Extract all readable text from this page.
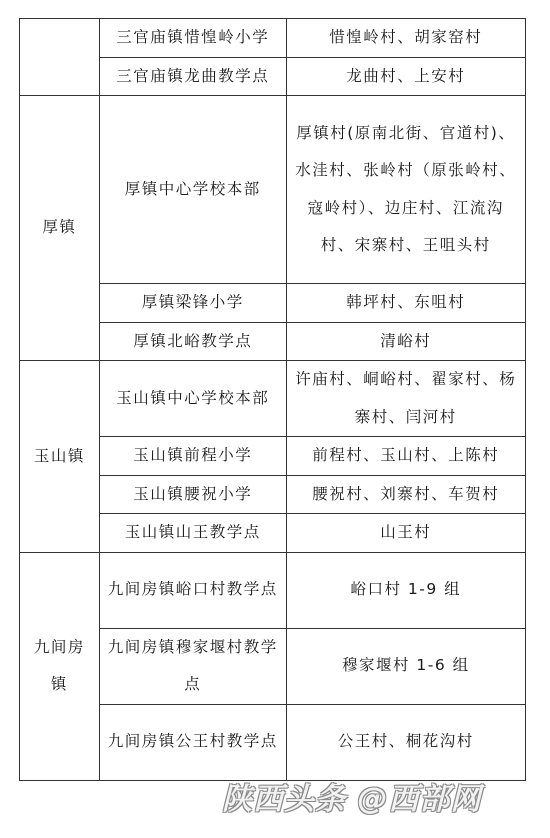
	三官庙镇惜惶岭小学	惜惶岭村、胡家窑村
	三官庙镇龙曲教学点	龙曲村、上安村
厚镇	厚镇中心学校本部	厚镇村(原南北街、官道村)、水洼村、张岭村（原张岭村、寇岭村）、边庄村、江流沟村、宋寨村、王咀头村
	厚镇梁锋小学	韩坪村、东咀村
	厚镇北峪教学点	清峪村
玉山镇	玉山镇中心学校本部	许庙村、峒峪村、翟家村、杨寨村、闫河村
	玉山镇前程小学	前程村、玉山村、上陈村
	玉山镇腰祝小学	腰祝村、刘寨村、车贺村
	玉山镇山王教学点	山王村
九间房镇	九间房镇峪口村教学点	峪口村 1-9 组
	九间房镇穆家堰村教学点	穆家堰村 1-6 组
	九间房镇公王村教学点	公王村、桐花沟村
陕西头条 @西部网
